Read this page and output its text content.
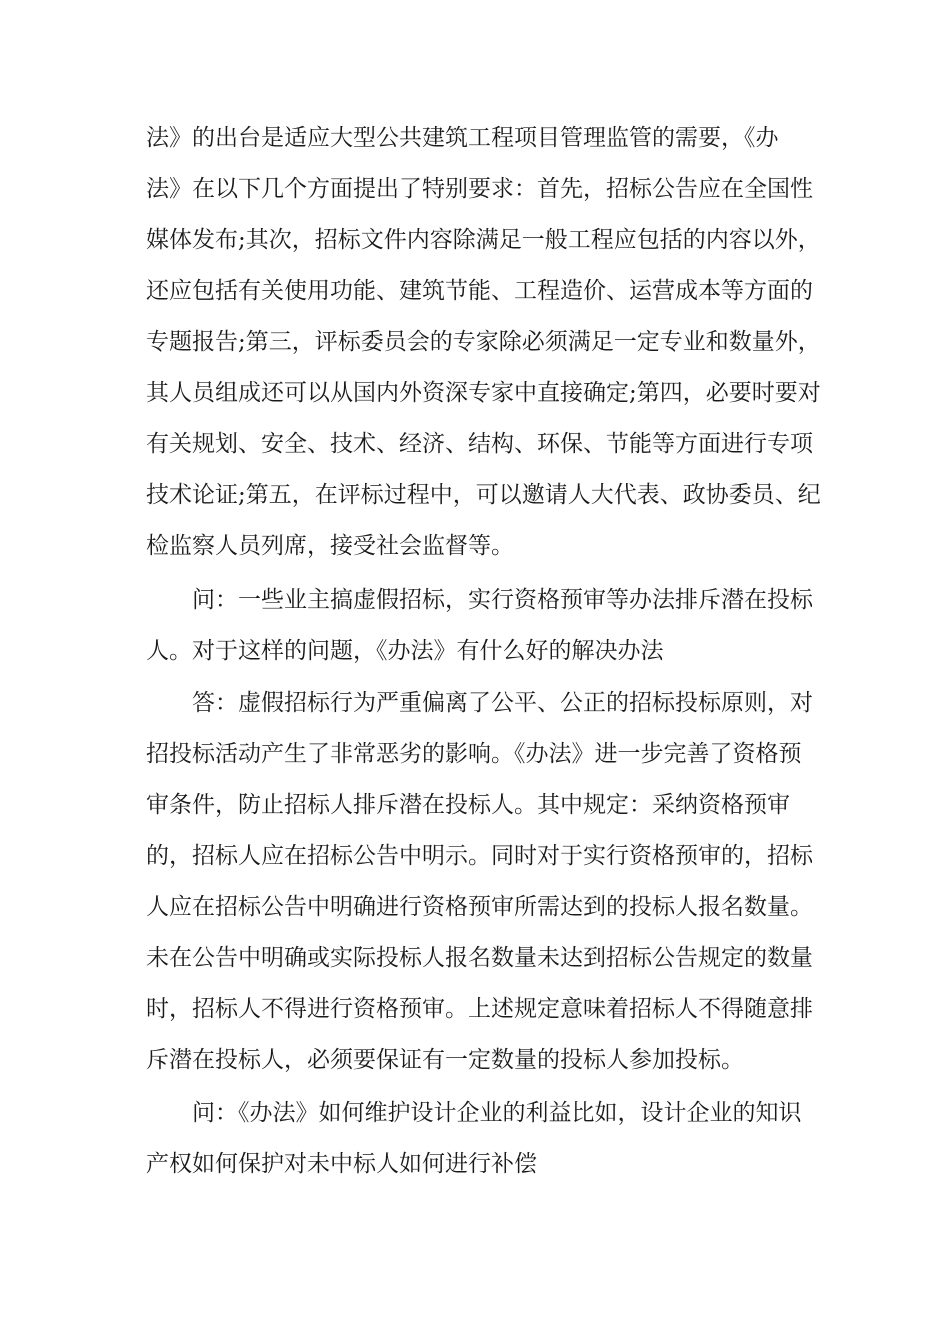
法》的出台是适应大型公共建筑工程项目管理监管的需要，《办
法》在以下几个方面提出了特别要求：首先，招标公告应在全国性
媒体发布;其次，招标文件内容除满足一般工程应包括的内容以外，
还应包括有关使用功能、建筑节能、工程造价、运营成本等方面的
专题报告;第三，评标委员会的专家除必须满足一定专业和数量外，
其人员组成还可以从国内外资深专家中直接确定;第四，必要时要对
有关规划、安全、技术、经济、结构、环保、节能等方面进行专项
技术论证;第五，在评标过程中，可以邀请人大代表、政协委员、纪
检监察人员列席，接受社会监督等。
问：一些业主搞虚假招标，实行资格预审等办法排斥潜在投标
人。对于这样的问题，《办法》有什么好的解决办法
答：虚假招标行为严重偏离了公平、公正的招标投标原则，对
招投标活动产生了非常恶劣的影响。《办法》进一步完善了资格预
审条件，防止招标人排斥潜在投标人。其中规定：采纳资格预审
的，招标人应在招标公告中明示。同时对于实行资格预审的，招标
人应在招标公告中明确进行资格预审所需达到的投标人报名数量。
未在公告中明确或实际投标人报名数量未达到招标公告规定的数量
时，招标人不得进行资格预审。上述规定意味着招标人不得随意排
斥潜在投标人，必须要保证有一定数量的投标人参加投标。
问：《办法》如何维护设计企业的利益比如，设计企业的知识
产权如何保护对未中标人如何进行补偿
